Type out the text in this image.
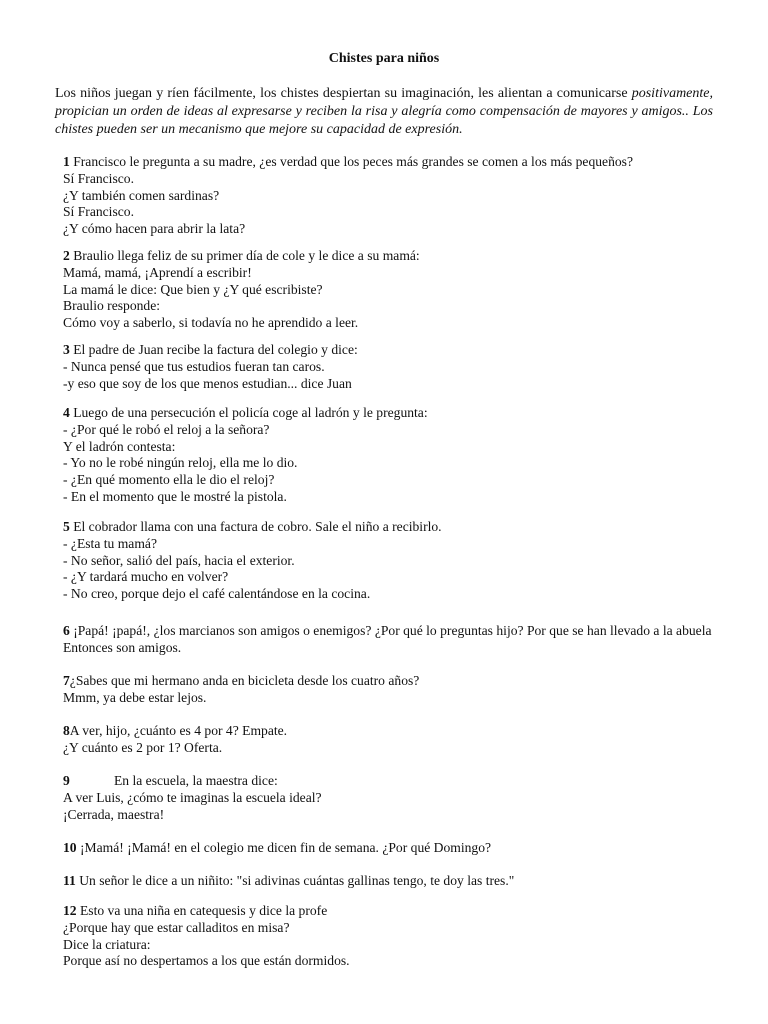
Chistes para niños
Los niños juegan y ríen fácilmente, los chistes despiertan su imaginación, les alientan a comunicarse positivamente, propician un orden de ideas al expresarse y reciben la risa y alegría como compensación de mayores y amigos.. Los chistes pueden ser un mecanismo que mejore su capacidad de expresión.
1 Francisco le pregunta a su madre, ¿es verdad que los peces más grandes se comen a los más pequeños?
Sí Francisco.
¿Y también comen sardinas?
Sí Francisco.
¿Y cómo hacen para abrir la lata?
2 Braulio llega feliz de su primer día de cole y le dice a su mamá:
Mamá, mamá, ¡Aprendí a escribir!
La mamá le dice: Que bien y ¿Y qué escribiste?
Braulio responde:
Cómo voy a saberlo, si todavía no he aprendido a leer.
3 El padre de Juan recibe la factura del colegio y dice:
- Nunca pensé que tus estudios fueran tan caros.
-y eso que soy de los que menos estudian... dice Juan
4 Luego de una persecución el policía coge al ladrón y le pregunta:
- ¿Por qué le robó el reloj a la señora?
Y el ladrón contesta:
- Yo no le robé ningún reloj, ella me lo dio.
- ¿En qué momento ella le dio el reloj?
- En el momento que le mostré la pistola.
5 El cobrador llama con una factura de cobro. Sale el niño a recibirlo.
- ¿Esta tu mamá?
- No señor, salió del país, hacia el exterior.
- ¿Y tardará mucho en volver?
- No creo, porque dejo el café calentándose en la cocina.
6 ¡Papá! ¡papá!, ¿los marcianos son amigos o enemigos? ¿Por qué lo preguntas hijo? Por que se han llevado a la abuela Entonces son amigos.
7¿Sabes que mi hermano anda en bicicleta desde los cuatro años?
Mmm, ya debe estar lejos.
8A ver, hijo, ¿cuánto es 4 por 4? Empate.
¿Y cuánto es 2 por 1? Oferta.
9             En la escuela, la maestra dice:
A ver Luis, ¿cómo te imaginas la escuela ideal?
¡Cerrada, maestra!
10 ¡Mamá! ¡Mamá! en el colegio me dicen fin de semana. ¿Por qué Domingo?
11 Un señor le dice a un niñito: "si adivinas cuántas gallinas tengo, te doy las tres."
12 Esto va una niña en catequesis y dice la profe
¿Porque hay que estar calladitos en misa?
Dice la criatura:
Porque así no despertamos a los que están dormidos.
